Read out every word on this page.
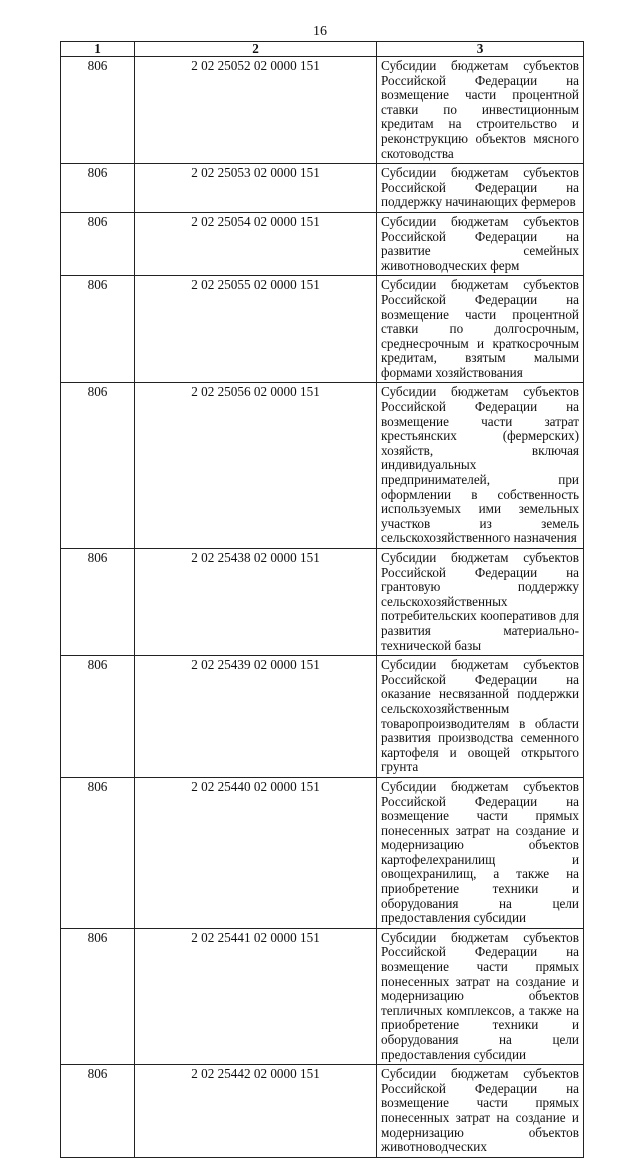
16
1	2	3
806	2 02 25052 02 0000 151	Субсидии бюджетам субъектов Российской Федерации на возмещение части процентной ставки по инвестиционным кредитам на строительство и реконструкцию объектов мясного скотоводства
806	2 02 25053 02 0000 151	Субсидии бюджетам субъектов Российской Федерации на поддержку начинающих фермеров
806	2 02 25054 02 0000 151	Субсидии бюджетам субъектов Российской Федерации на развитие семейных животноводческих ферм
806	2 02 25055 02 0000 151	Субсидии бюджетам субъектов Российской Федерации на возмещение части процентной ставки по долгосрочным, среднесрочным и краткосрочным кредитам, взятым малыми формами хозяйствования
806	2 02 25056 02 0000 151	Субсидии бюджетам субъектов Российской Федерации на возмещение части затрат крестьянских (фермерских) хозяйств, включая индивидуальных предпринимателей, при оформлении в собственность используемых ими земельных участков из земель сельскохозяйственного назначения
806	2 02 25438 02 0000 151	Субсидии бюджетам субъектов Российской Федерации на грантовую поддержку сельскохозяйственных потребительских кооперативов для развития материально-технической базы
806	2 02 25439 02 0000 151	Субсидии бюджетам субъектов Российской Федерации на оказание несвязанной поддержки сельскохозяйственным товаропроизводителям в области развития производства семенного картофеля и овощей открытого грунта
806	2 02 25440 02 0000 151	Субсидии бюджетам субъектов Российской Федерации на возмещение части прямых понесенных затрат на создание и модернизацию объектов картофелехранилищ и овощехранилищ, а также на приобретение техники и оборудования на цели предоставления субсидии
806	2 02 25441 02 0000 151	Субсидии бюджетам субъектов Российской Федерации на возмещение части прямых понесенных затрат на создание и модернизацию объектов тепличных комплексов, а также на приобретение техники и оборудования на цели предоставления субсидии
806	2 02 25442 02 0000 151	Субсидии бюджетам субъектов Российской Федерации на возмещение части прямых понесенных затрат на создание и модернизацию объектов животноводческих
